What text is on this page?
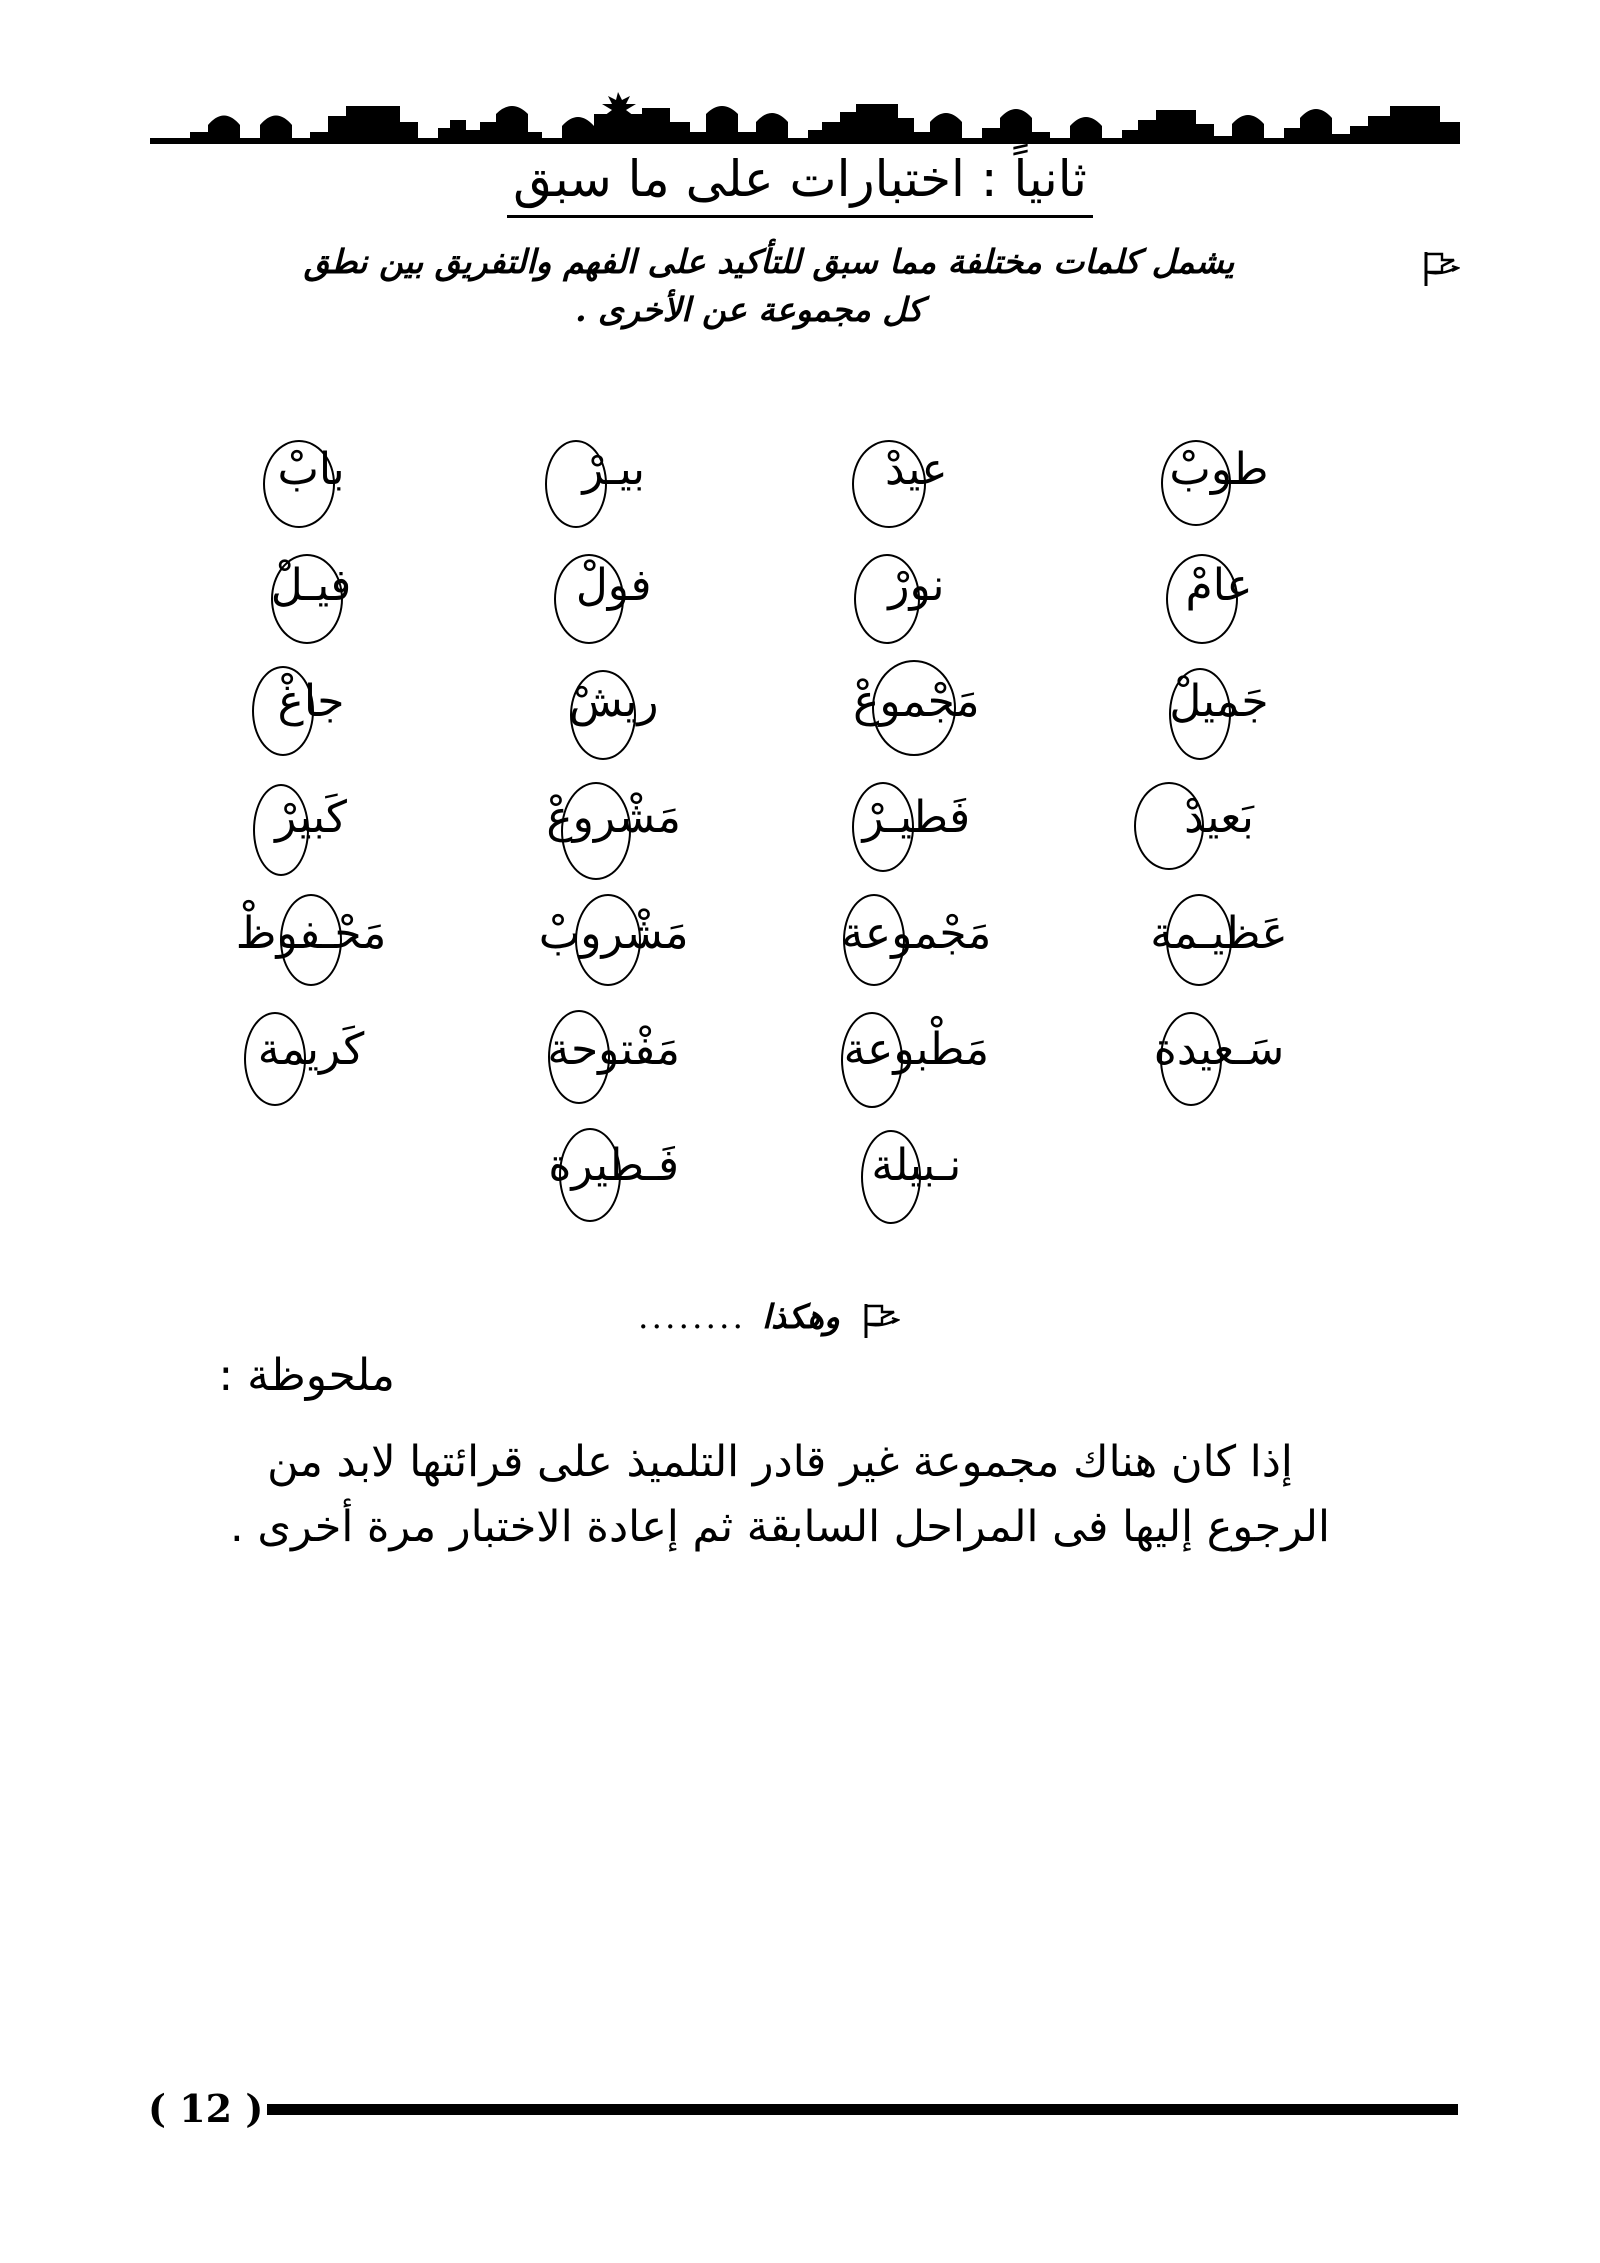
ثانياً : اختبارات على ما سبق
يشمل كلمات مختلفة مما سبق للتأكيد على الفهم والتفريق بين نطق
كل مجموعة عن الأخرى .
طوبْ
عيدْ
بيـرْ
بابْ
عامْ
نورْ
فولْ
فيـلْ
جَميلْ
مَجْموعْ
ريشْ
جاغْ
بَعيدْ
فَطيـرْ
مَشْروعْ
كَبيرْ
عَظيـمة
مَجْموعة
مَشْروبْ
مَحْـفوظْ
سَـعيدة
مَطْبوعة
مَفْتوحة
كَريمة
نـبيلة
فَـطيرة
وهكذا
........
ملحوظة :
إذا كان هناك مجموعة غير قادر التلميذ على قرائتها لابد من
الرجوع إليها فى المراحل السابقة ثم إعادة الاختبار مرة أخرى .
( 12 )
